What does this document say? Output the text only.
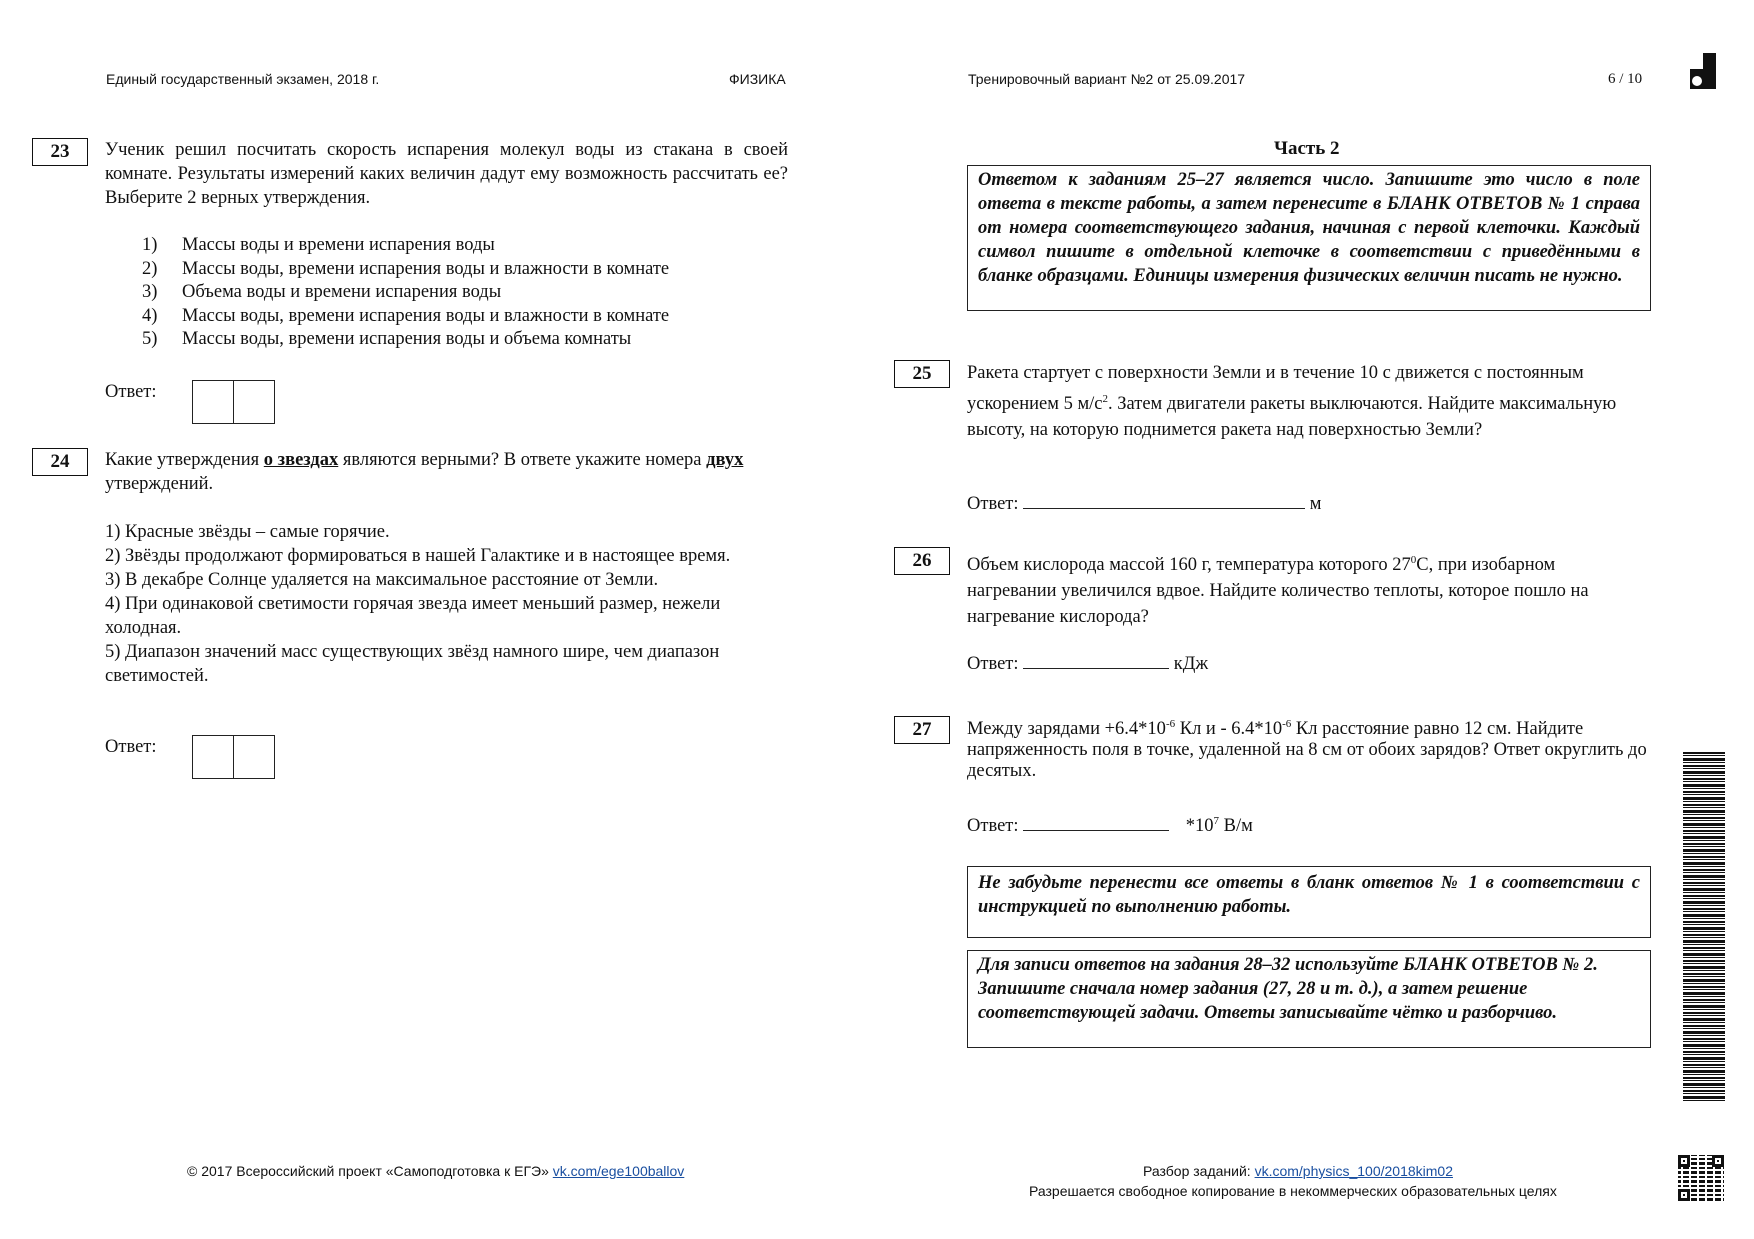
Единый государственный экзамен, 2018 г.	ФИЗИКА	Тренировочный вариант №2 от 25.09.2017	6 / 10
23	Ученик решил посчитать скорость испарения молекул воды из стакана в своей комнате. Результаты измерений каких величин дадут ему возможность рассчитать ее? Выберите 2 верных утверждения.
1)	Массы воды и времени испарения воды
2)	Массы воды, времени испарения воды и влажности в комнате
3)	Объема воды и времени испарения воды
4)	Массы воды, времени испарения воды и влажности в комнате
5)	Массы воды, времени испарения воды и объема комнаты
Ответ:
24	Какие утверждения о звездах являются верными? В ответе укажите номера двух утверждений.
1) Красные звёзды – самые горячие.
2) Звёзды продолжают формироваться в нашей Галактике и в настоящее время.
3) В декабре Солнце удаляется на максимальное расстояние от Земли.
4) При одинаковой светимости горячая звезда имеет меньший размер, нежели холодная.
5) Диапазон значений масс существующих звёзд намного шире, чем диапазон светимостей.
Ответ:
Часть 2
Ответом к заданиям 25–27 является число. Запишите это число в поле ответа в тексте работы, а затем перенесите в БЛАНК ОТВЕТОВ № 1 справа от номера соответствующего задания, начиная с первой клеточки. Каждый символ пишите в отдельной клеточке в соответствии с приведёнными в бланке образцами. Единицы измерения физических величин писать не нужно.
25	Ракета стартует с поверхности Земли и в течение 10 с движется с постоянным ускорением 5 $м/с^2$. Затем двигатели ракеты выключаются. Найдите максимальную высоту, на которую поднимется ракета над поверхностью Земли?
Ответ:	м
26	Объем кислорода массой 160 г, температура которого $27^0С$, при изобарном нагревании увеличился вдвое. Найдите количество теплоты, которое пошло на нагревание кислорода?
Ответ:	кДж
27	Между зарядами $+6.4*10^{-6}$ Кл и - $6.4*10^{-6}$ Кл расстояние равно 12 см. Найдите напряженность поля в точке, удаленной на 8 см от обоих зарядов? Ответ округлить до десятых.
Ответ:	$*10^7$ В/м
Не забудьте перенести все ответы в бланк ответов № 1 в соответствии с инструкцией по выполнению работы.
Для записи ответов на задания 28–32 используйте БЛАНК ОТВЕТОВ № 2. Запишите сначала номер задания (27, 28 и т. д.), а затем решение соответствующей задачи. Ответы записывайте чётко и разборчиво.
© 2017 Всероссийский проект «Самоподготовка к ЕГЭ» vk.com/ege100ballov	Разбор заданий: vk.com/physics_100/2018kim02
Разрешается свободное копирование в некоммерческих образовательных целях
